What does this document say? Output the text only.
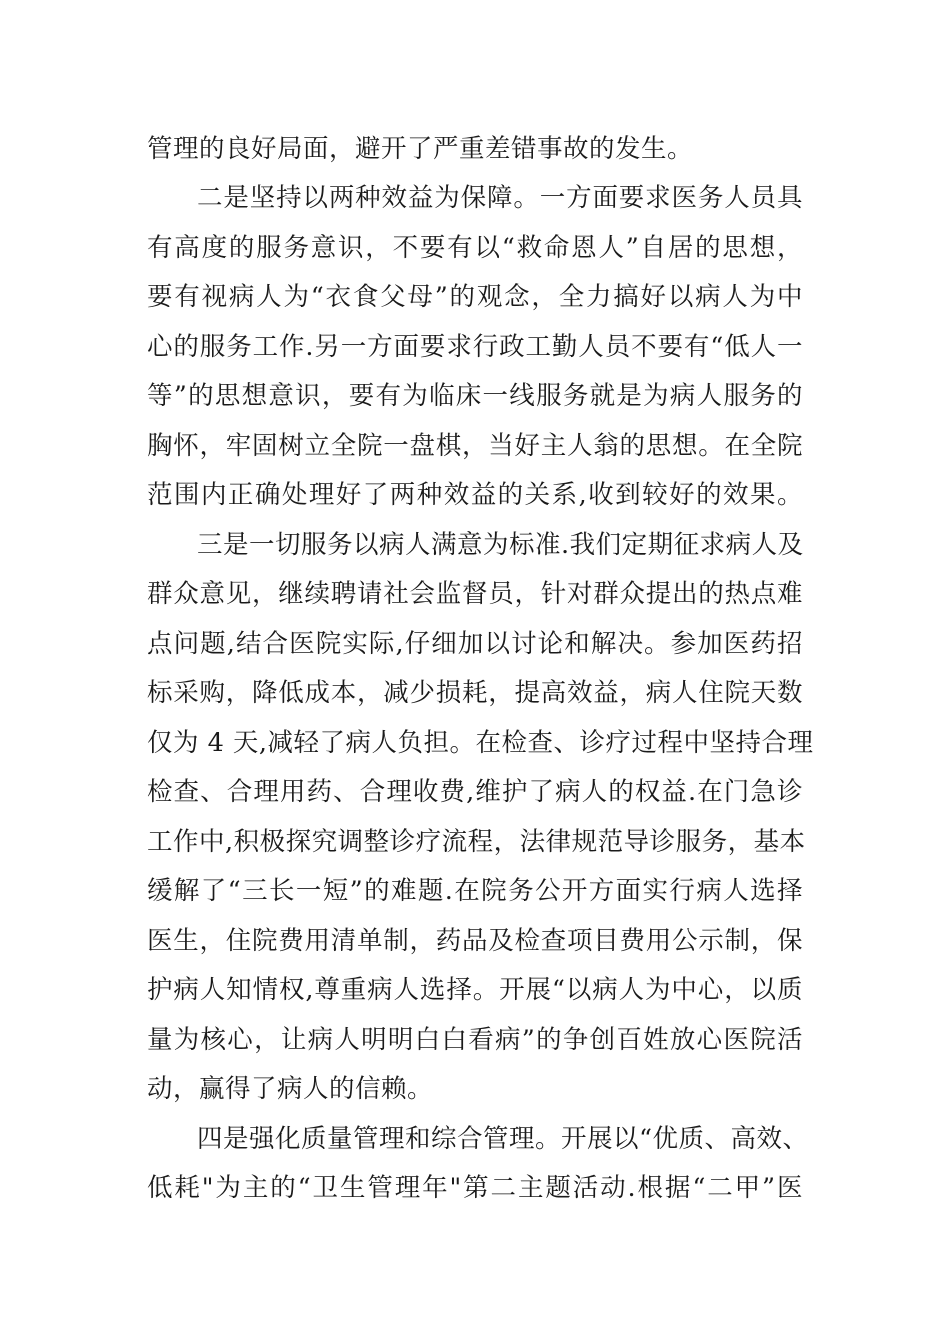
管理的良好局面，避开了严重差错事故的发生。
二是坚持以两种效益为保障。一方面要求医务人员具
有高度的服务意识，不要有以“救命恩人”自居的思想，
要有视病人为“衣食父母”的观念，全力搞好以病人为中
心的服务工作.另一方面要求行政工勤人员不要有“低人一
等”的思想意识，要有为临床一线服务就是为病人服务的
胸怀，牢固树立全院一盘棋，当好主人翁的思想。在全院
范围内正确处理好了两种效益的关系,收到较好的效果。
三是一切服务以病人满意为标准.我们定期征求病人及
群众意见，继续聘请社会监督员，针对群众提出的热点难
点问题,结合医院实际,仔细加以讨论和解决。参加医药招
标采购，降低成本，减少损耗，提高效益，病人住院天数
仅为 4 天,减轻了病人负担。在检查、诊疗过程中坚持合理
检查、合理用药、合理收费,维护了病人的权益.在门急诊
工作中,积极探究调整诊疗流程，法律规范导诊服务，基本
缓解了“三长一短”的难题.在院务公开方面实行病人选择
医生，住院费用清单制，药品及检查项目费用公示制，保
护病人知情权,尊重病人选择。开展“以病人为中心，以质
量为核心，让病人明明白白看病”的争创百姓放心医院活
动，赢得了病人的信赖。
四是强化质量管理和综合管理。开展以“优质、高效、
低耗"为主的“卫生管理年"第二主题活动.根据“二甲”医
